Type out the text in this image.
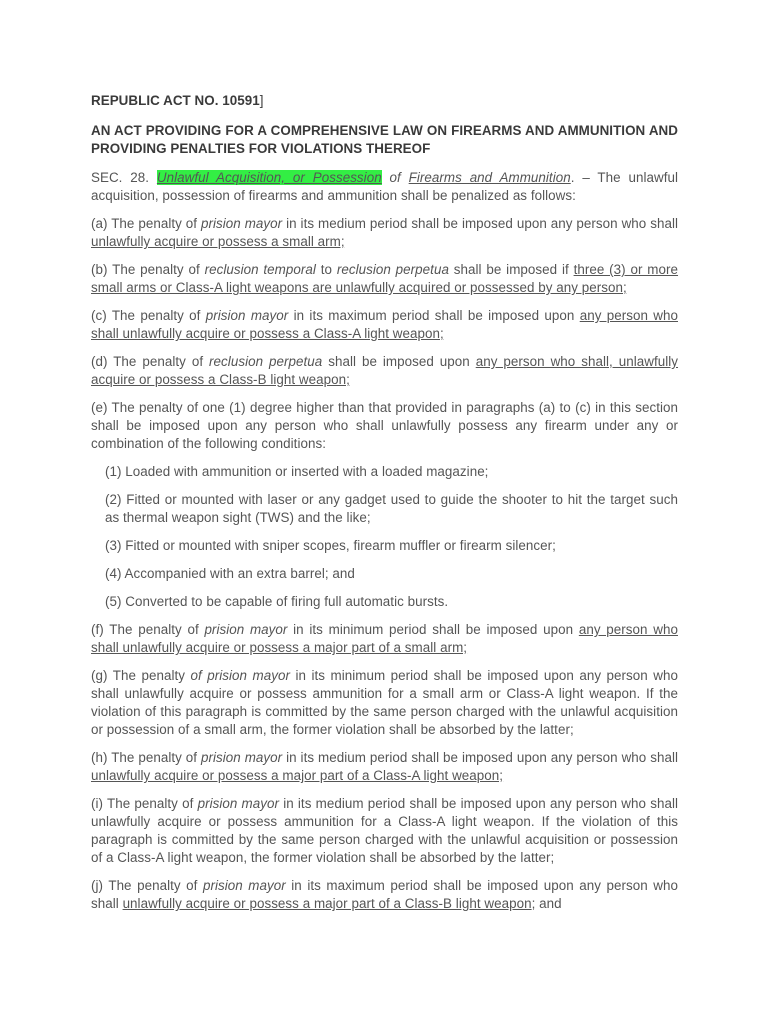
REPUBLIC ACT NO. 10591]

AN ACT PROVIDING FOR A COMPREHENSIVE LAW ON FIREARMS AND AMMUNITION AND PROVIDING PENALTIES FOR VIOLATIONS THEREOF

SEC. 28. Unlawful Acquisition, or Possession of Firearms and Ammunition. – The unlawful acquisition, possession of firearms and ammunition shall be penalized as follows:

(a) The penalty of prision mayor in its medium period shall be imposed upon any person who shall unlawfully acquire or possess a small arm;

(b) The penalty of reclusion temporal to reclusion perpetua shall be imposed if three (3) or more small arms or Class-A light weapons are unlawfully acquired or possessed by any person;

(c) The penalty of prision mayor in its maximum period shall be imposed upon any person who shall unlawfully acquire or possess a Class-A light weapon;

(d) The penalty of reclusion perpetua shall be imposed upon any person who shall, unlawfully acquire or possess a Class-B light weapon;

(e) The penalty of one (1) degree higher than that provided in paragraphs (a) to (c) in this section shall be imposed upon any person who shall unlawfully possess any firearm under any or combination of the following conditions:

(1) Loaded with ammunition or inserted with a loaded magazine;

(2) Fitted or mounted with laser or any gadget used to guide the shooter to hit the target such as thermal weapon sight (TWS) and the like;

(3) Fitted or mounted with sniper scopes, firearm muffler or firearm silencer;

(4) Accompanied with an extra barrel; and

(5) Converted to be capable of firing full automatic bursts.

(f) The penalty of prision mayor in its minimum period shall be imposed upon any person who shall unlawfully acquire or possess a major part of a small arm;

(g) The penalty of prision mayor in its minimum period shall be imposed upon any person who shall unlawfully acquire or possess ammunition for a small arm or Class-A light weapon. If the violation of this paragraph is committed by the same person charged with the unlawful acquisition or possession of a small arm, the former violation shall be absorbed by the latter;

(h) The penalty of prision mayor in its medium period shall be imposed upon any person who shall unlawfully acquire or possess a major part of a Class-A light weapon;

(i) The penalty of prision mayor in its medium period shall be imposed upon any person who shall unlawfully acquire or possess ammunition for a Class-A light weapon. If the violation of this paragraph is committed by the same person charged with the unlawful acquisition or possession of a Class-A light weapon, the former violation shall be absorbed by the latter;

(j) The penalty of prision mayor in its maximum period shall be imposed upon any person who shall unlawfully acquire or possess a major part of a Class-B light weapon; and
